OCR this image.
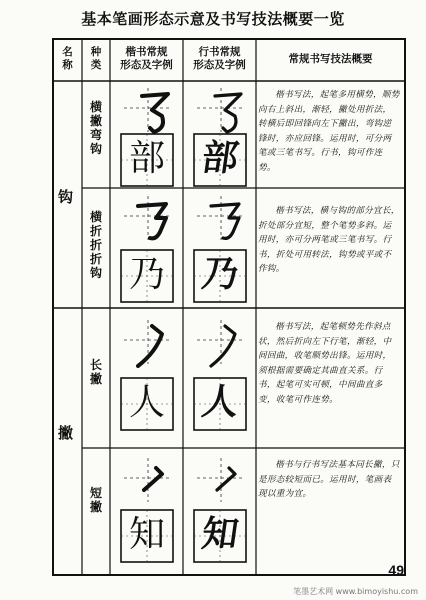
基本笔画形态示意及书写技法概要一览
名
称
种
类
楷书常规
形态及字例
行书常规
形态及字例
常规书写技法概要
钩
撇
横
撇
弯
钩
横
折
折
折
钩
长
撇
短
撇
部
乃
人
知
部
乃
人
知
楷书写法，起笔多用横势，顺势向右上斜出，渐轻，撇处用折法，转横后即回锋向左下撇出，弯钩逆锋时，亦应回锋。运用时，可分两笔或三笔书写。行书，钩可作连势。
楷书写法，横与钩的部分宜长，折处部分宜短，整个笔势多斜。运用时，亦可分两笔或三笔书写。行书，折处可用转法，钩势或平或不作钩。
楷书写法，起笔顿势先作斜点状，然后折向左下行笔，渐轻，中间回曲，收笔顺势出锋。运用时，须根据需要确定其曲直关系。行书，起笔可实可顿，中间曲直多变，收笔可作连势。
楷书与行书写法基本同长撇，只是形态较短而已。运用时，笔画表现以重为宜。
49
笔墨艺术网 www.bimoyishu.com
